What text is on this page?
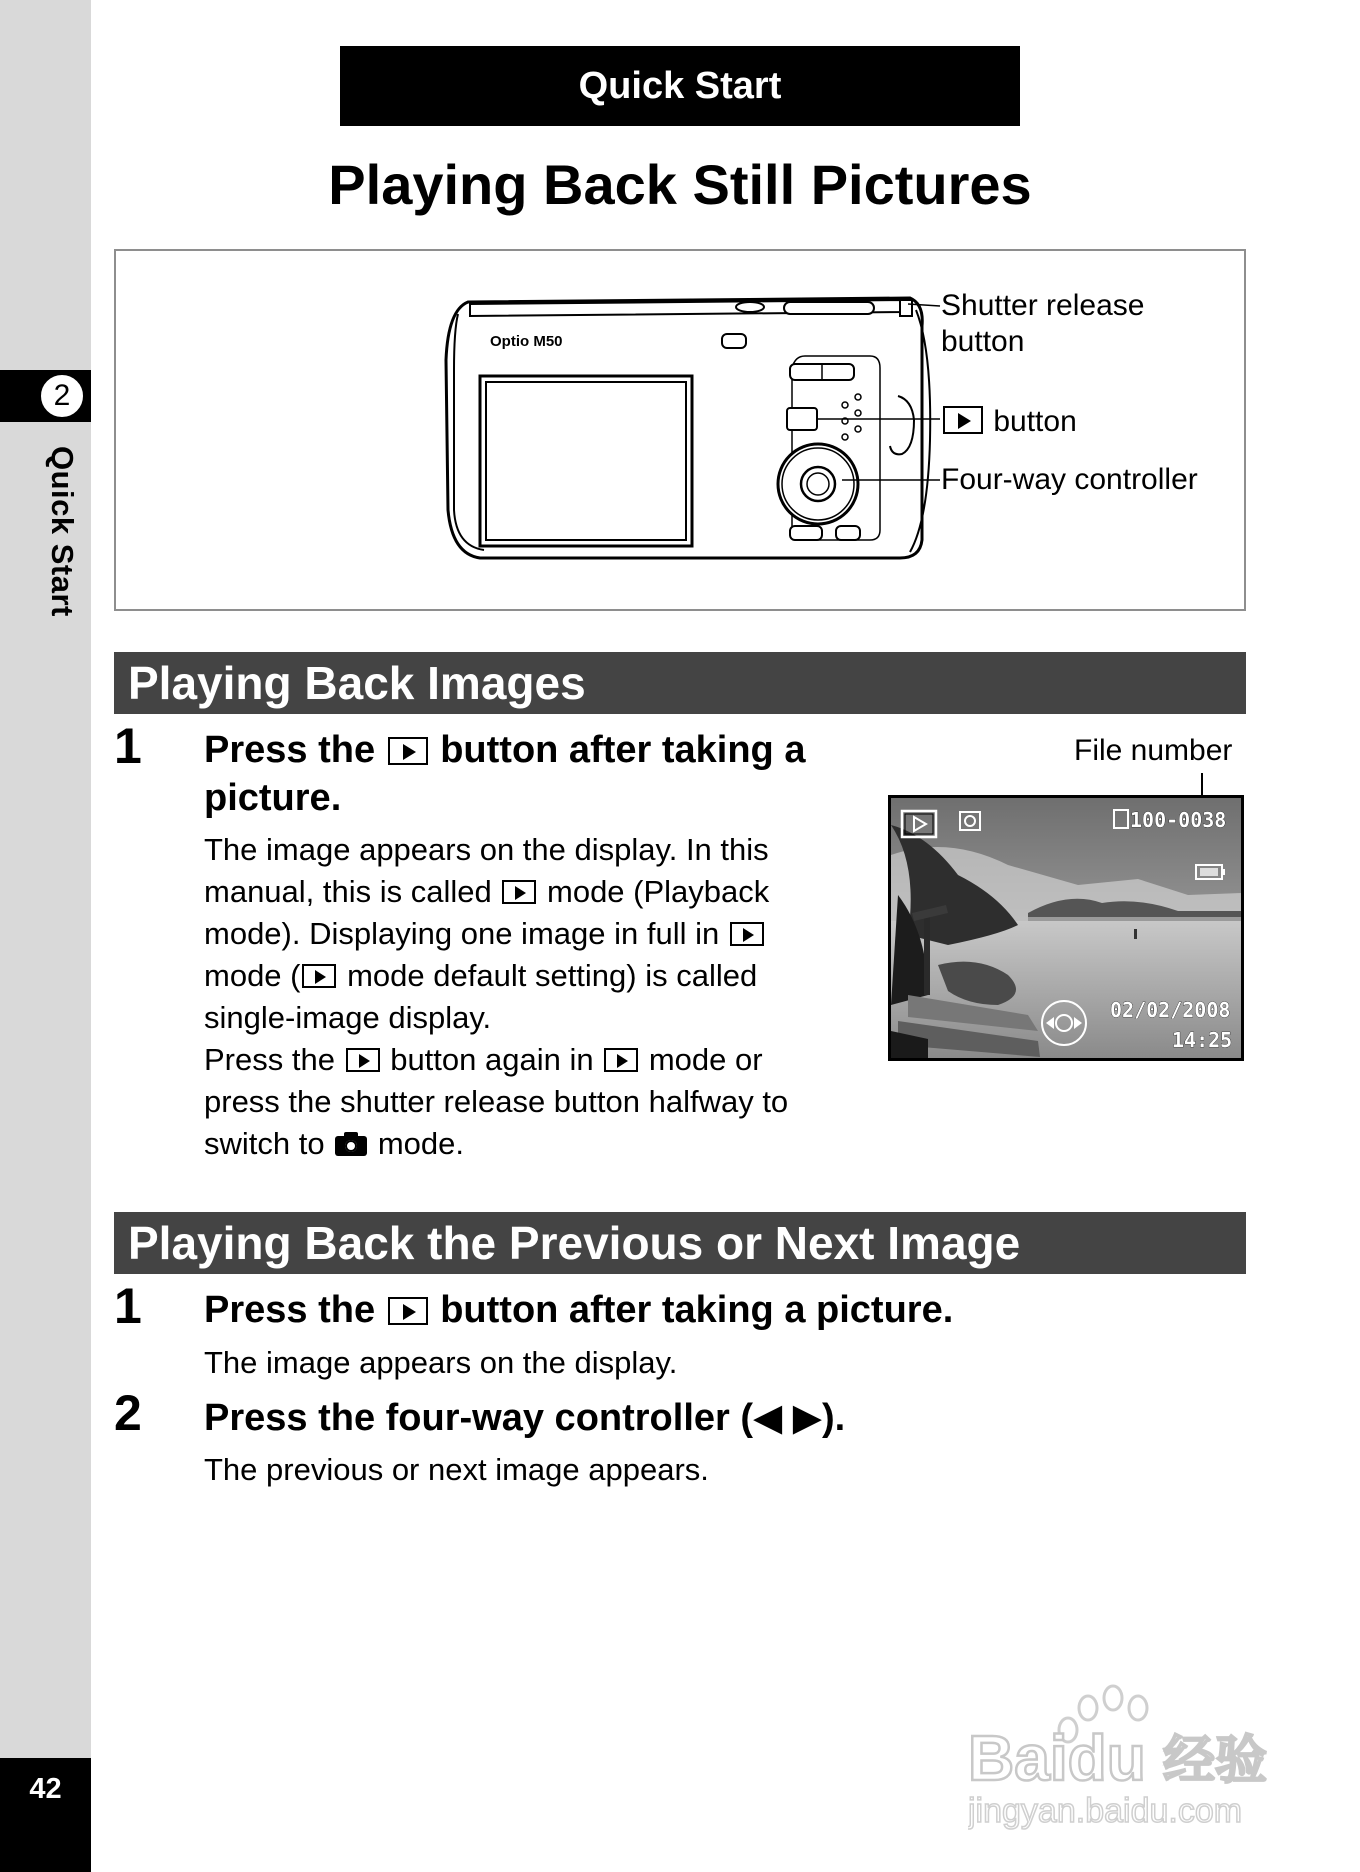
2
Quick Start
42
Quick Start
Playing Back Still Pictures
Optio M50
Shutter release
button
button
Four-way controller
Playing Back Images
1 Press the button after taking a
picture.
The image appears on the display. In this
manual, this is called mode (Playback
mode). Displaying one image in full in
mode ( mode default setting) is called
single-image display.
Press the button again in mode or
press the shutter release button halfway to
switch to mode.
File number
100-0038
02/02/2008
14:25
Playing Back the Previous or Next Image
1 Press the button after taking a picture.
The image appears on the display.
2 Press the four-way controller (◀ ▶).
The previous or next image appears.
Baidu 经验
jingyan.baidu.com
